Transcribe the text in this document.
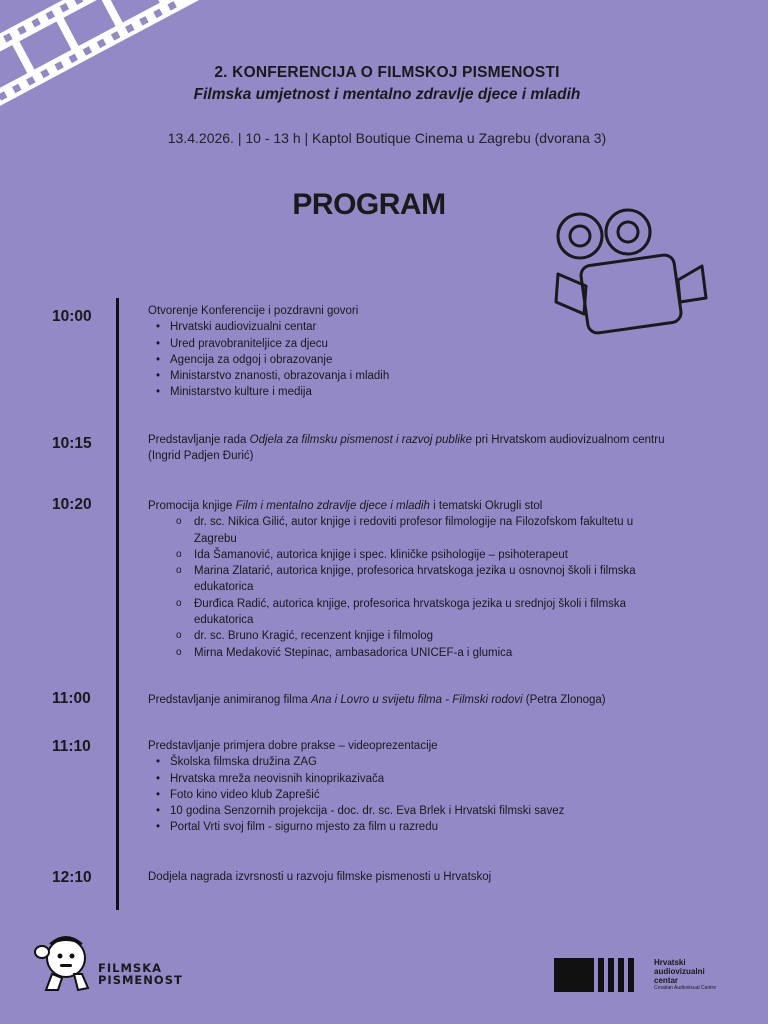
2. KONFERENCIJA O FILMSKOJ PISMENOSTI
Filmska umjetnost i mentalno zdravlje djece i mladih
13.4.2026. | 10 - 13 h | Kaptol Boutique Cinema u Zagrebu (dvorana 3)
PROGRAM
10:00	Otvorenje Konferencije i pozdravni govori
• Hrvatski audiovizualni centar
• Ured pravobraniteljice za djecu
• Agencija za odgoj i obrazovanje
• Ministarstvo znanosti, obrazovanja i mladih
• Ministarstvo kulture i medija
10:15	Predstavljanje rada Odjela za filmsku pismenost i razvoj publike pri Hrvatskom audiovizualnom centru (Ingrid Padjen Đurić)
10:20	Promocija knjige Film i mentalno zdravlje djece i mladih i tematski Okrugli stol
o dr. sc. Nikica Gilić, autor knjige i redoviti profesor filmologije na Filozofskom fakultetu u Zagrebu
o Ida Šamanović, autorica knjige i spec. kliničke psihologije – psihoterapeut
o Marina Zlatarić, autorica knjige, profesorica hrvatskoga jezika u osnovnoj školi i filmska edukatorica
o Đurđica Radić, autorica knjige, profesorica hrvatskoga jezika u srednjoj školi i filmska edukatorica
o dr. sc. Bruno Kragić, recenzent knjige i filmolog
o Mirna Medaković Stepinac, ambasadorica UNICEF-a i glumica
11:00	Predstavljanje animiranog filma Ana i Lovro u svijetu filma - Filmski rodovi (Petra Zlonoga)
11:10	Predstavljanje primjera dobre prakse – videoprezentacije
• Školska filmska družina ZAG
• Hrvatska mreža neovisnih kinoprikazivača
• Foto kino video klub Zaprešić
• 10 godina Senzornih projekcija - doc. dr. sc. Eva Brlek i Hrvatski filmski savez
• Portal Vrti svoj film - sigurno mjesto za film u razredu
12:10	Dodjela nagrada izvrsnosti u razvoju filmske pismenosti u Hrvatskoj
FILMSKA
PISMENOST
Hrvatski
audiovizualni
centar
Croatian Audiovisual Centre
